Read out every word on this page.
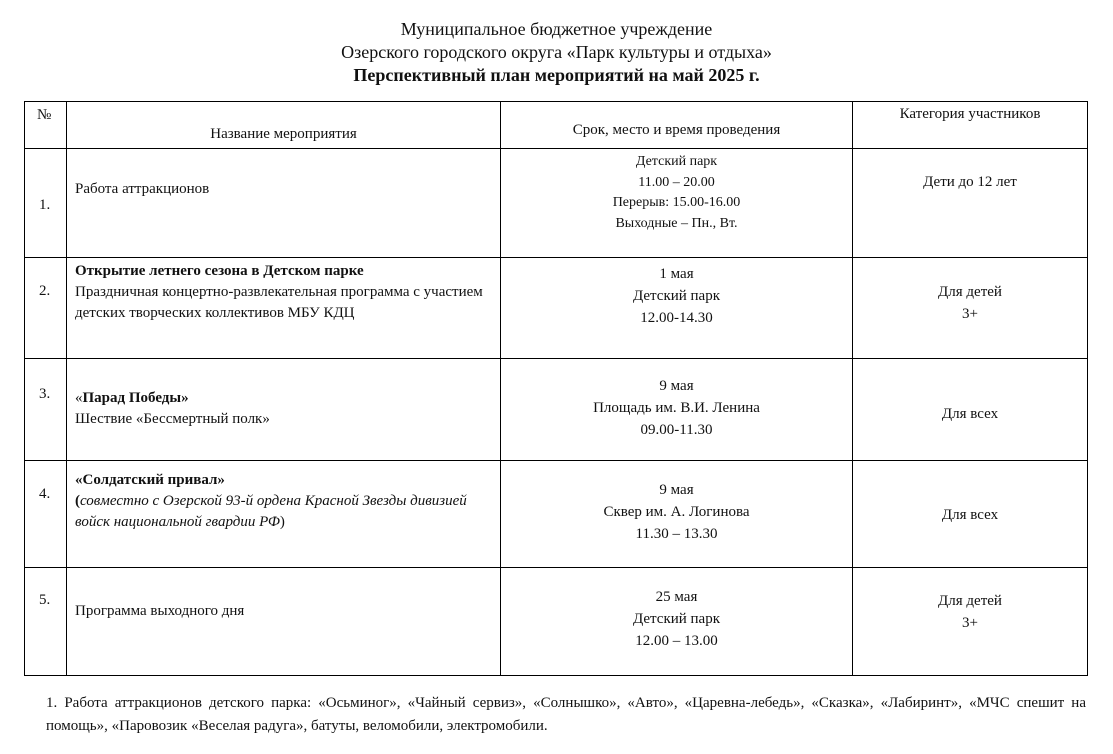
Муниципальное бюджетное учреждение
Озерского городского округа «Парк культуры и отдыха»
Перспективный план мероприятий на май 2025 г.
№	Название мероприятия	Срок, место и время проведения	Категория участников
1.	Работа аттракционов	Детский парк
11.00 – 20.00
Перерыв: 15.00-16.00
Выходные – Пн., Вт.	Дети до 12 лет

2.	Открытие летнего сезона в Детском парке
Праздничная концертно-развлекательная программа с участием детских творческих коллективов МБУ КДЦ	1 мая
Детский парк
12.00-14.30	Для детей
3+

3.	«Парад Победы»
Шествие «Бессмертный полк»	9 мая
Площадь им. В.И. Ленина
09.00-11.30	Для всех

4.	«Солдатский привал»
(совместно с Озерской 93-й ордена Красной Звезды дивизией войск национальной гвардии РФ)	9 мая
Сквер им. А. Логинова
11.30 – 13.30	Для всех

5.	Программа выходного дня	25 мая
Детский парк
12.00 – 13.00	Для детей
3+
1. Работа аттракционов детского парка: «Осьминог», «Чайный сервиз», «Солнышко», «Авто», «Царевна-лебедь», «Сказка», «Лабиринт», «МЧС спешит на помощь», «Паровозик «Веселая радуга», батуты, веломобили, электромобили.
